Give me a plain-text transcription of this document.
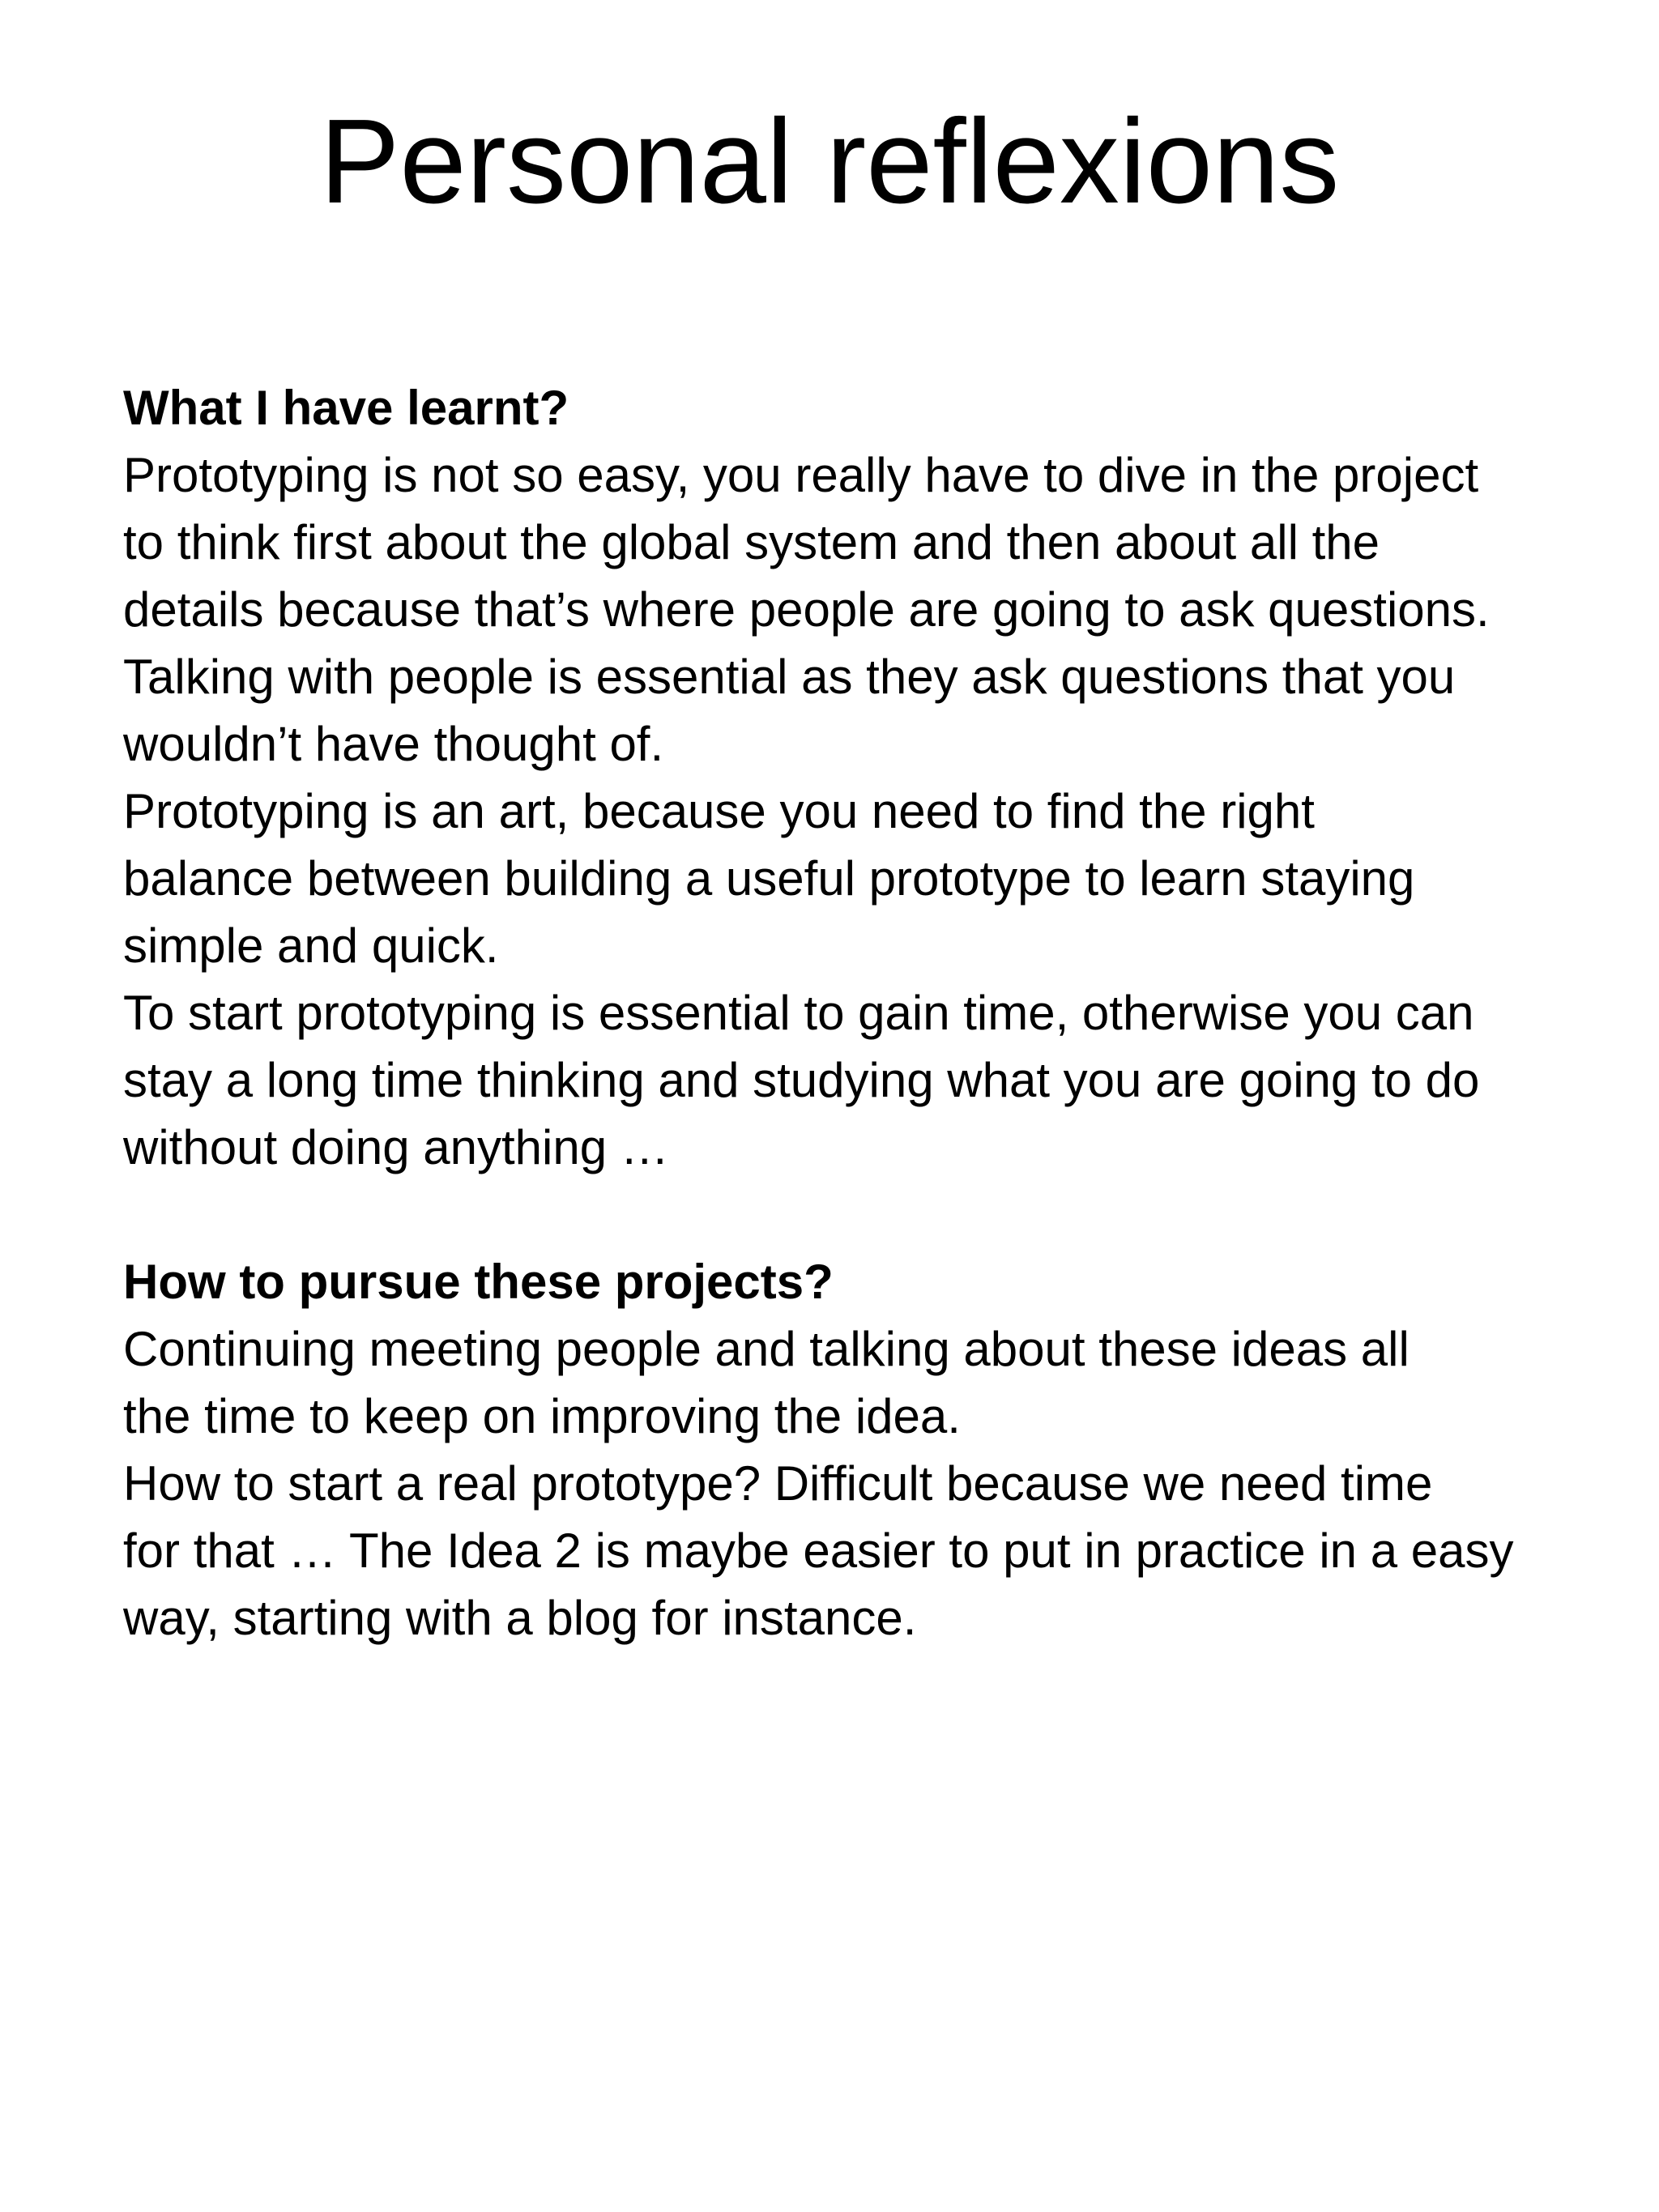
Personal reflexions
What I have learnt?
Prototyping is not so easy, you really have to dive in the project
to think first about the global system and then about all the
details because that’s where people are going to ask questions.
Talking with people is essential as they ask questions that you
wouldn’t have thought of.
Prototyping is an art, because you need to find the right
balance between building a useful prototype to learn staying
simple and quick.
To start prototyping is essential to gain time, otherwise you can
stay a long time thinking and studying what you are going to do
without doing anything …
How to pursue these projects?
Continuing meeting people and talking about these ideas all
the time to keep on improving the idea.
How to start a real prototype? Difficult because we need time
for that … The Idea 2 is maybe easier to put in practice in a easy
way, starting with a blog for instance.
